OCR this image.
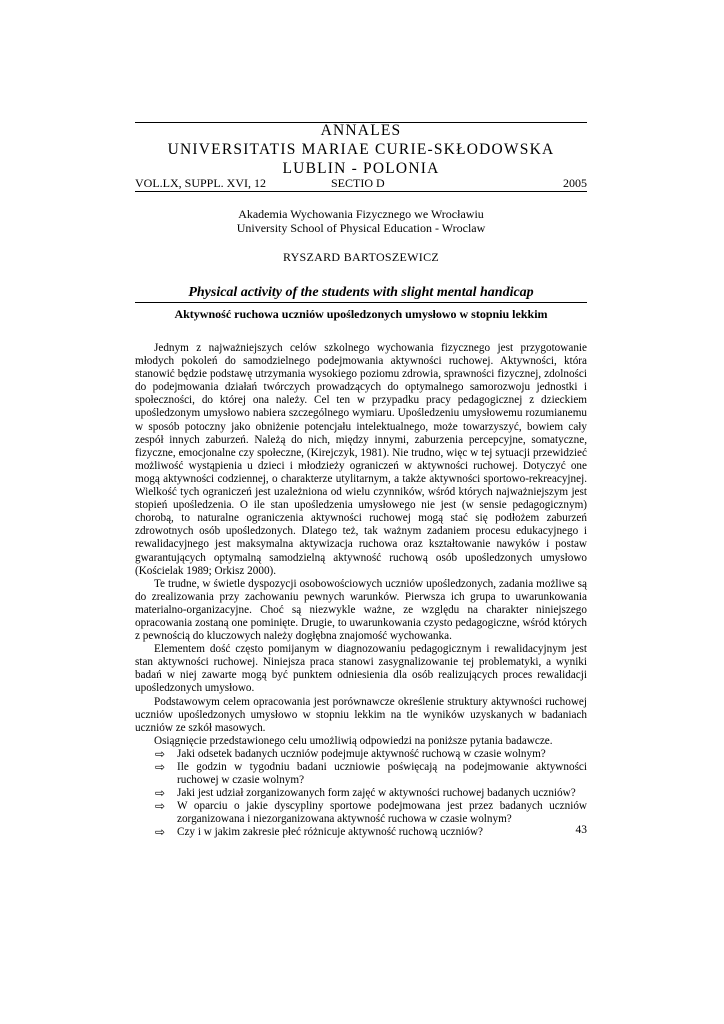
ANNALES
UNIVERSITATIS MARIAE CURIE-SKŁODOWSKA
LUBLIN - POLONIA
VOL.LX, SUPPL. XVI, 12	SECTIO D	2005
Akademia Wychowania Fizycznego we Wrocławiu
University School of Physical Education - Wroclaw
RYSZARD BARTOSZEWICZ
Physical activity of the students with slight mental handicap
Aktywność ruchowa uczniów upośledzonych umysłowo w stopniu lekkim

Jednym z najważniejszych celów szkolnego wychowania fizycznego jest przygotowanie młodych pokoleń do samodzielnego podejmowania aktywności ruchowej. Aktywności, która stanowić będzie podstawę utrzymania wysokiego poziomu zdrowia, sprawności fizycznej, zdolności do podejmowania działań twórczych prowadzących do optymalnego samorozwoju jednostki i społeczności, do której ona należy. Cel ten w przypadku pracy pedagogicznej z dzieckiem upośledzonym umysłowo nabiera szczególnego wymiaru. Upośledzeniu umysłowemu rozumianemu w sposób potoczny jako obniżenie potencjału intelektualnego, może towarzyszyć, bowiem cały zespół innych zaburzeń. Należą do nich, między innymi, zaburzenia percepcyjne, somatyczne, fizyczne, emocjonalne czy społeczne, (Kirejczyk, 1981). Nie trudno, więc w tej sytuacji przewidzieć możliwość wystąpienia u dzieci i młodzieży ograniczeń w aktywności ruchowej. Dotyczyć one mogą aktywności codziennej, o charakterze utylitarnym, a także aktywności sportowo-rekreacyjnej. Wielkość tych ograniczeń jest uzależniona od wielu czynników, wśród których najważniejszym jest stopień upośledzenia. O ile stan upośledzenia umysłowego nie jest (w sensie pedagogicznym) chorobą, to naturalne ograniczenia aktywności ruchowej mogą stać się podłożem zaburzeń zdrowotnych osób upośledzonych. Dlatego też, tak ważnym zadaniem procesu edukacyjnego i rewalidacyjnego jest maksymalna aktywizacja ruchowa oraz kształtowanie nawyków i postaw gwarantujących optymalną samodzielną aktywność ruchową osób upośledzonych umysłowo (Kościelak 1989; Orkisz 2000).

Te trudne, w świetle dyspozycji osobowościowych uczniów upośledzonych, zadania możliwe są do zrealizowania przy zachowaniu pewnych warunków. Pierwsza ich grupa to uwarunkowania materialno-organizacyjne. Choć są niezwykle ważne, ze względu na charakter niniejszego opracowania zostaną one pominięte. Drugie, to uwarunkowania czysto pedagogiczne, wśród których z pewnością do kluczowych należy dogłębna znajomość wychowanka.

Elementem dość często pomijanym w diagnozowaniu pedagogicznym i rewalidacyjnym jest stan aktywności ruchowej. Niniejsza praca stanowi zasygnalizowanie tej problematyki, a wyniki badań w niej zawarte mogą być punktem odniesienia dla osób realizujących proces rewalidacji upośledzonych umysłowo.

Podstawowym celem opracowania jest porównawcze określenie struktury aktywności ruchowej uczniów upośledzonych umysłowo w stopniu lekkim na tle wyników uzyskanych w badaniach uczniów ze szkół masowych.

Osiągnięcie przedstawionego celu umożliwią odpowiedzi na poniższe pytania badawcze.

⇨ Jaki odsetek badanych uczniów podejmuje aktywność ruchową w czasie wolnym?
⇨ Ile godzin w tygodniu badani uczniowie poświęcają na podejmowanie aktywności ruchowej w czasie wolnym?
⇨ Jaki jest udział zorganizowanych form zajęć w aktywności ruchowej badanych uczniów?
⇨ W oparciu o jakie dyscypliny sportowe podejmowana jest przez badanych uczniów zorganizowana i niezorganizowana aktywność ruchowa w czasie wolnym?
⇨ Czy i w jakim zakresie płeć różnicuje aktywność ruchową uczniów?	43
